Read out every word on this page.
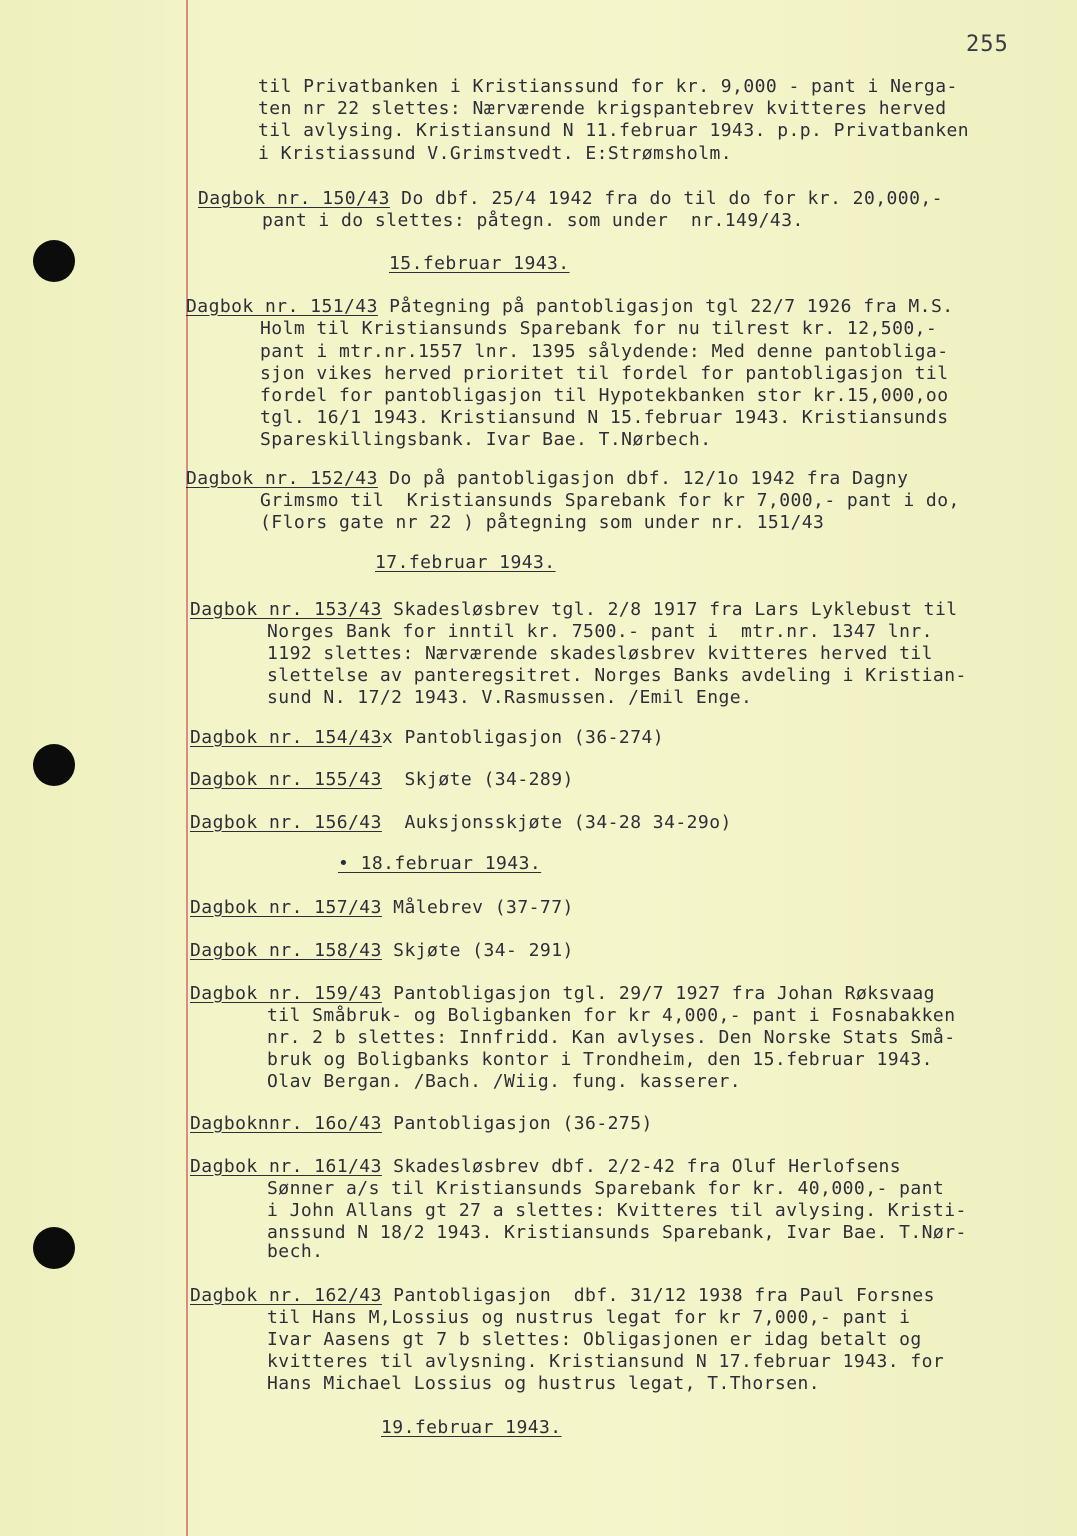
255
til Privatbanken i Kristianssund for kr. 9,000 - pant i Nerga-
ten nr 22 slettes: Nærværende krigspantebrev kvitteres herved
til avlysing. Kristiansund N 11.februar 1943. p.p. Privatbanken
i Kristiassund V.Grimstvedt. E:Strømsholm.
Dagbok nr. 150/43 Do dbf. 25/4 1942 fra do til do for kr. 20,000,-
pant i do slettes: påtegn. som under  nr.149/43.
15.februar 1943.
Dagbok nr. 151/43 Påtegning på pantobligasjon tgl 22/7 1926 fra M.S.
Holm til Kristiansunds Sparebank for nu tilrest kr. 12,500,-
pant i mtr.nr.1557 lnr. 1395 sålydende: Med denne pantobliga-
sjon vikes herved prioritet til fordel for pantobligasjon til
fordel for pantobligasjon til Hypotekbanken stor kr.15,000,oo
tgl. 16/1 1943. Kristiansund N 15.februar 1943. Kristiansunds
Spareskillingsbank. Ivar Bae. T.Nørbech.
Dagbok nr. 152/43 Do på pantobligasjon dbf. 12/1o 1942 fra Dagny
Grimsmo til  Kristiansunds Sparebank for kr 7,000,- pant i do,
(Flors gate nr 22 ) påtegning som under nr. 151/43
17.februar 1943.
Dagbok nr. 153/43 Skadesløsbrev tgl. 2/8 1917 fra Lars Lyklebust til
Norges Bank for inntil kr. 7500.- pant i  mtr.nr. 1347 lnr.
1192 slettes: Nærværende skadesløsbrev kvitteres herved til
slettelse av panteregsitret. Norges Banks avdeling i Kristian-
sund N. 17/2 1943. V.Rasmussen. /Emil Enge.
Dagbok nr. 154/43x Pantobligasjon (36-274)
Dagbok nr. 155/43  Skjøte (34-289)
Dagbok nr. 156/43  Auksjonsskjøte (34-28 34-29o)
• 18.februar 1943.
Dagbok nr. 157/43 Målebrev (37-77)
Dagbok nr. 158/43 Skjøte (34- 291)
Dagbok nr. 159/43 Pantobligasjon tgl. 29/7 1927 fra Johan Røksvaag
til Småbruk- og Boligbanken for kr 4,000,- pant i Fosnabakken
nr. 2 b slettes: Innfridd. Kan avlyses. Den Norske Stats Små-
bruk og Boligbanks kontor i Trondheim, den 15.februar 1943.
Olav Bergan. /Bach. /Wiig. fung. kasserer.
Dagboknnr. 16o/43 Pantobligasjon (36-275)
Dagbok nr. 161/43 Skadesløsbrev dbf. 2/2-42 fra Oluf Herlofsens
Sønner a/s til Kristiansunds Sparebank for kr. 40,000,- pant
i John Allans gt 27 a slettes: Kvitteres til avlysing. Kristi-
anssund N 18/2 1943. Kristiansunds Sparebank, Ivar Bae. T.Nør-
bech.
Dagbok nr. 162/43 Pantobligasjon  dbf. 31/12 1938 fra Paul Forsnes
til Hans M,Lossius og nustrus legat for kr 7,000,- pant i
Ivar Aasens gt 7 b slettes: Obligasjonen er idag betalt og
kvitteres til avlysning. Kristiansund N 17.februar 1943. for
Hans Michael Lossius og hustrus legat, T.Thorsen.
19.februar 1943.
